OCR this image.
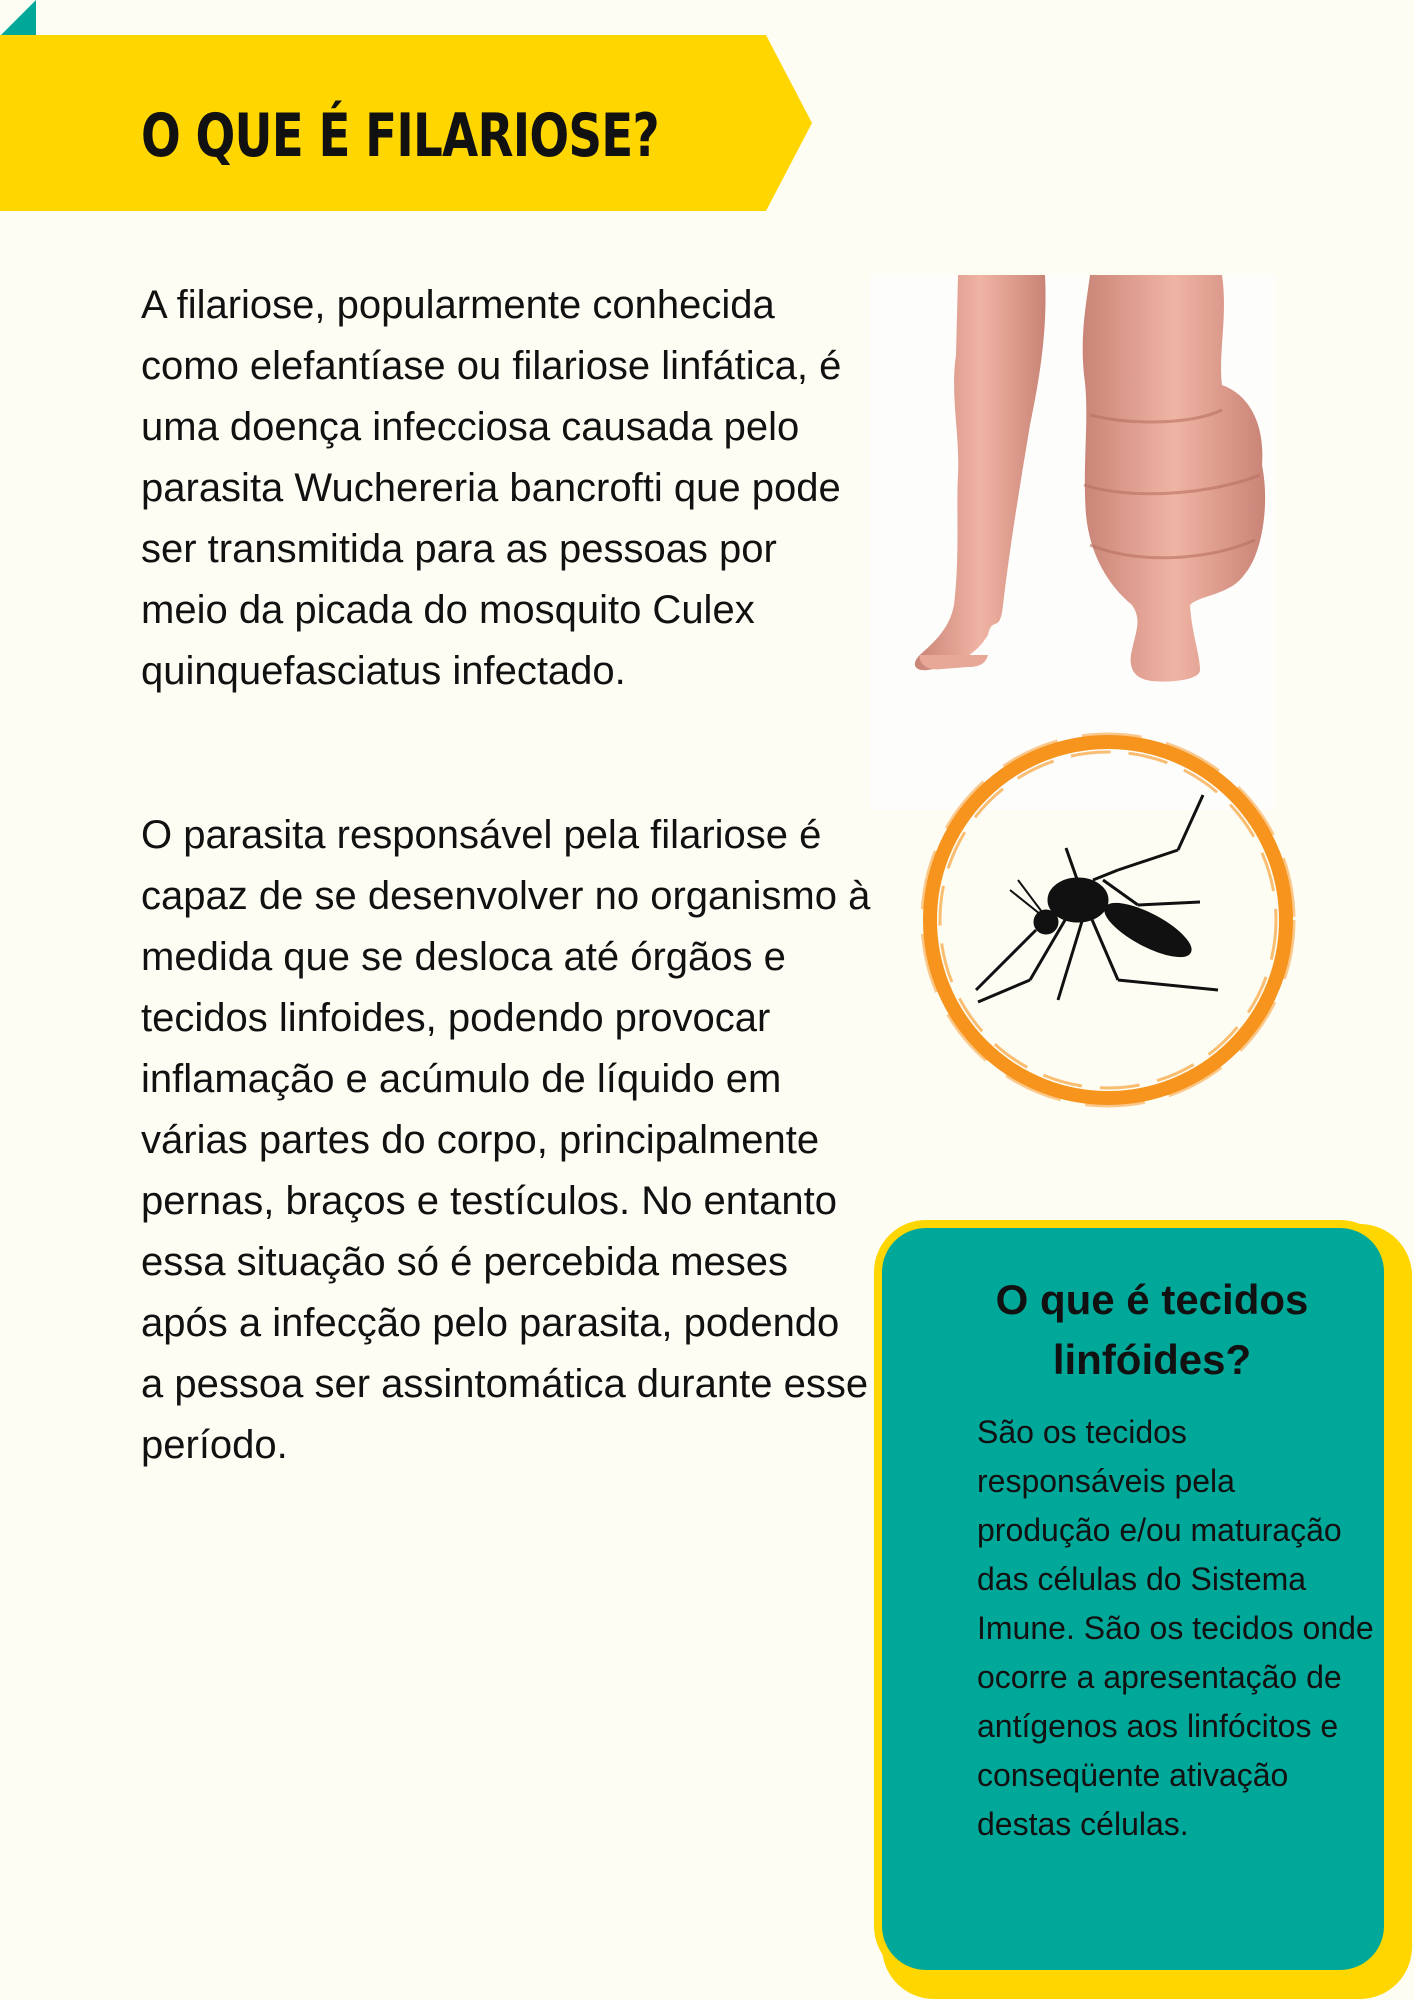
O QUE É FILARIOSE?

A filariose, popularmente conhecida como elefantíase ou filariose linfática, é uma doença infecciosa causada pelo parasita Wuchereria bancrofti que pode ser transmitida para as pessoas por meio da picada do mosquito Culex quinquefasciatus infectado.

O parasita responsável pela filariose é capaz de se desenvolver no organismo à medida que se desloca até órgãos e tecidos linfoides, podendo provocar inflamação e acúmulo de líquido em várias partes do corpo, principalmente pernas, braços e testículos. No entanto essa situação só é percebida meses após a infecção pelo parasita, podendo a pessoa ser assintomática durante esse período.

O que é tecidos linfóides?

São os tecidos responsáveis pela produção e/ou maturação das células do Sistema Imune. São os tecidos onde ocorre a apresentação de antígenos aos linfócitos e conseqüente ativação destas células.
